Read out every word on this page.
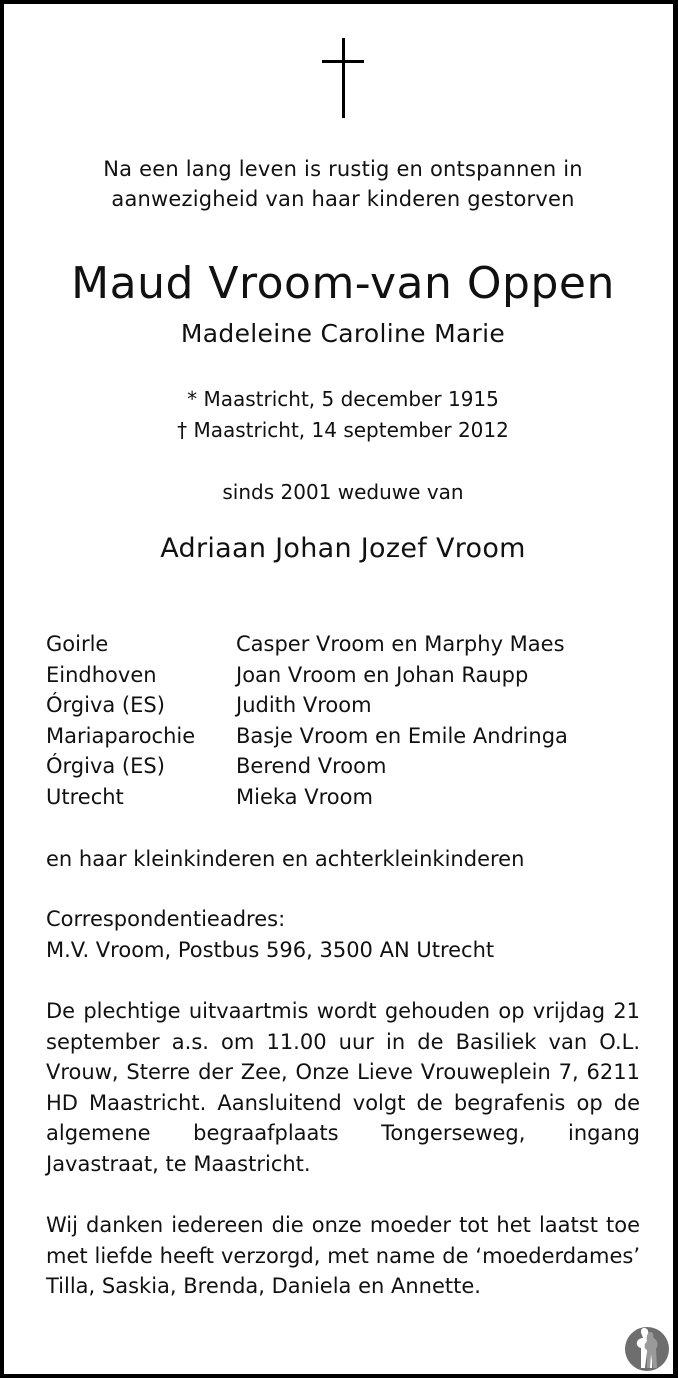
Na een lang leven is rustig en ontspannen in
aanwezigheid van haar kinderen gestorven
Maud Vroom-van Oppen
Madeleine Caroline Marie
* Maastricht, 5 december 1915
† Maastricht, 14 september 2012
sinds 2001 weduwe van
Adriaan Johan Jozef Vroom
Goirle	Casper Vroom en Marphy Maes
Eindhoven	Joan Vroom en Johan Raupp
Órgiva (ES)	Judith Vroom
Mariaparochie	Basje Vroom en Emile Andringa
Órgiva (ES)	Berend Vroom
Utrecht	Mieka Vroom
en haar kleinkinderen en achterkleinkinderen
Correspondentieadres:
M.V. Vroom, Postbus 596, 3500 AN Utrecht
De plechtige uitvaartmis wordt gehouden op vrijdag 21 september a.s. om 11.00 uur in de Basiliek van O.L. Vrouw, Sterre der Zee, Onze Lieve Vrouweplein 7, 6211 HD Maastricht. Aansluitend volgt de begrafenis op de algemene begraafplaats Tongerseweg, ingang Javastraat, te Maastricht.
Wij danken iedereen die onze moeder tot het laatst toe met liefde heeft verzorgd, met name de ‘moederdames’ Tilla, Saskia, Brenda, Daniela en Annette.
